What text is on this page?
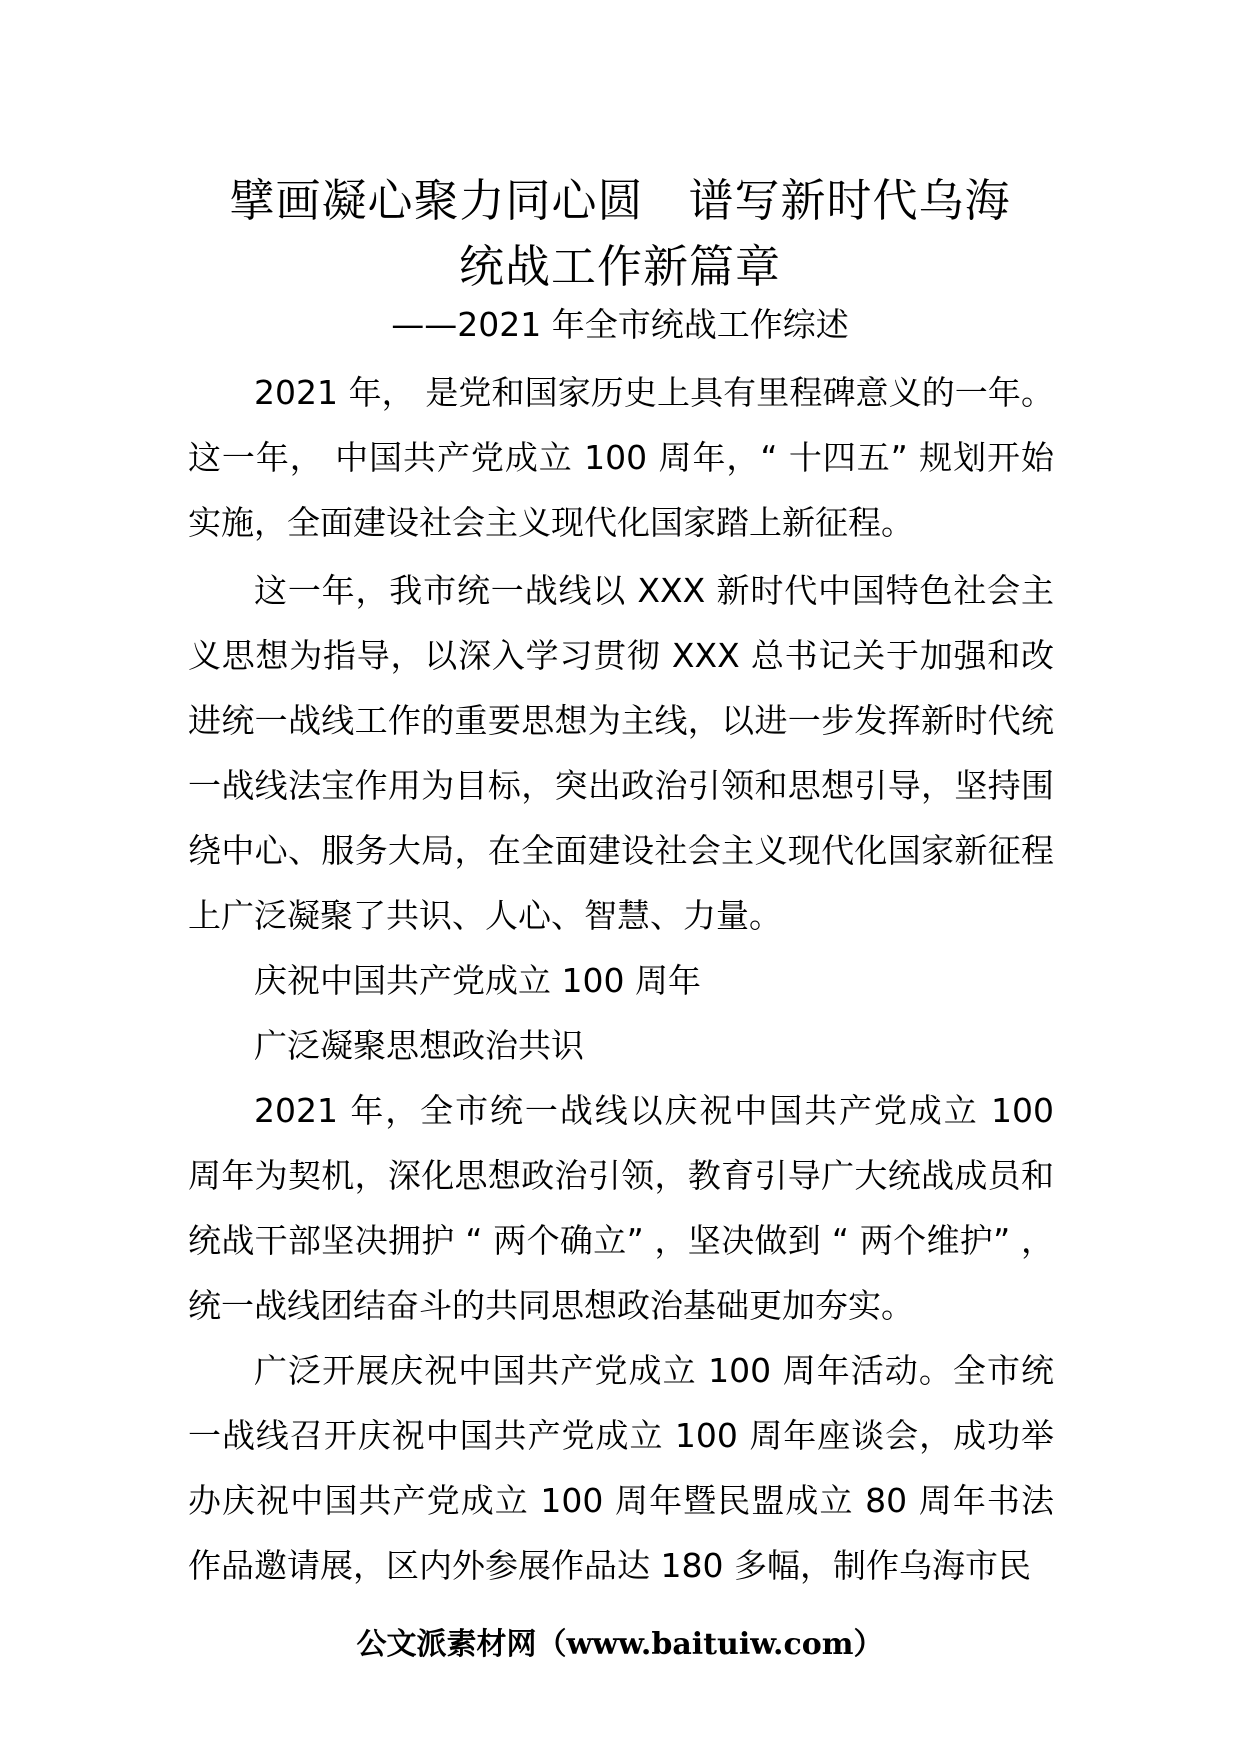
擘画凝心聚力同心圆 谱写新时代乌海
统战工作新篇章
——2021 年全市统战工作综述

2021 年， 是党和国家历史上具有里程碑意义的一年。 这一年， 中国共产党成立 100 周年，“ 十四五” 规划开始实施，全面建设社会主义现代化国家踏上新征程。

这一年，我市统一战线以 XXX 新时代中国特色社会主义思想为指导，以深入学习贯彻 XXX 总书记关于加强和改进统一战线工作的重要思想为主线，以进一步发挥新时代统一战线法宝作用为目标，突出政治引领和思想引导，坚持围绕中心、服务大局，在全面建设社会主义现代化国家新征程上广泛凝聚了共识、人心、智慧、力量。

庆祝中国共产党成立 100 周年

广泛凝聚思想政治共识

2021 年，全市统一战线以庆祝中国共产党成立 100 周年为契机，深化思想政治引领，教育引导广大统战成员和统战干部坚决拥护 “ 两个确立” ，坚决做到 “ 两个维护” ，统一战线团结奋斗的共同思想政治基础更加夯实。

广泛开展庆祝中国共产党成立 100 周年活动。全市统一战线召开庆祝中国共产党成立 100 周年座谈会，成功举办庆祝中国共产党成立 100 周年暨民盟成立 80 周年书法作品邀请展，区内外参展作品达 180 多幅，制作乌海市民

公文派素材网（www.baituiw.com）
